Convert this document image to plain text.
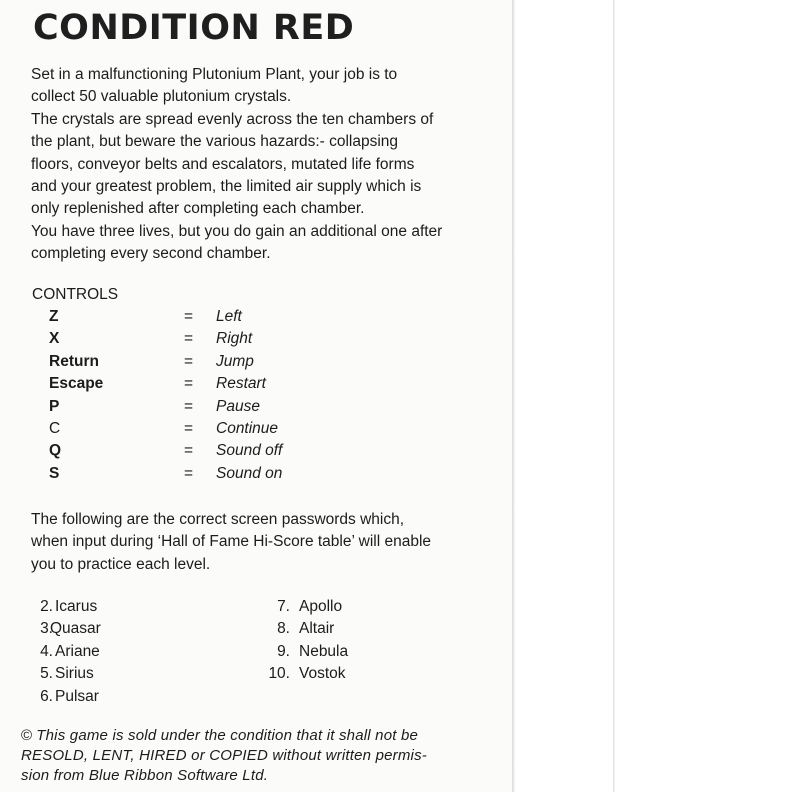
CONDITION RED

Set in a malfunctioning Plutonium Plant, your job is to
collect 50 valuable plutonium crystals.

The crystals are spread evenly across the ten chambers of
the plant, but beware the various hazards:- collapsing
floors, conveyor belts and escalators, mutated life forms
and your greatest problem, the limited air supply which is
only replenished after completing each chamber.

You have three lives, but you do gain an additional one after
completing every second chamber.

CONTROLS
Z	= Left
X	= Right
Return	= Jump
Escape	= Restart
P	= Pause
C	= Continue
Q	= Sound off
S	= Sound on

The following are the correct screen passwords which,
when input during ‘Hall of Fame Hi-Score table’ will enable
you to practice each level.

2. Icarus
3.
Quasar
4. Ariane
5. Sirius
6. Pulsar
7. Apollo
8. Altair
9. Nebula
10. Vostok

© This game is sold under the condition that it shall not be
RESOLD, LENT, HIRED or COPIED without written permis-
sion from Blue Ribbon Software Ltd.
